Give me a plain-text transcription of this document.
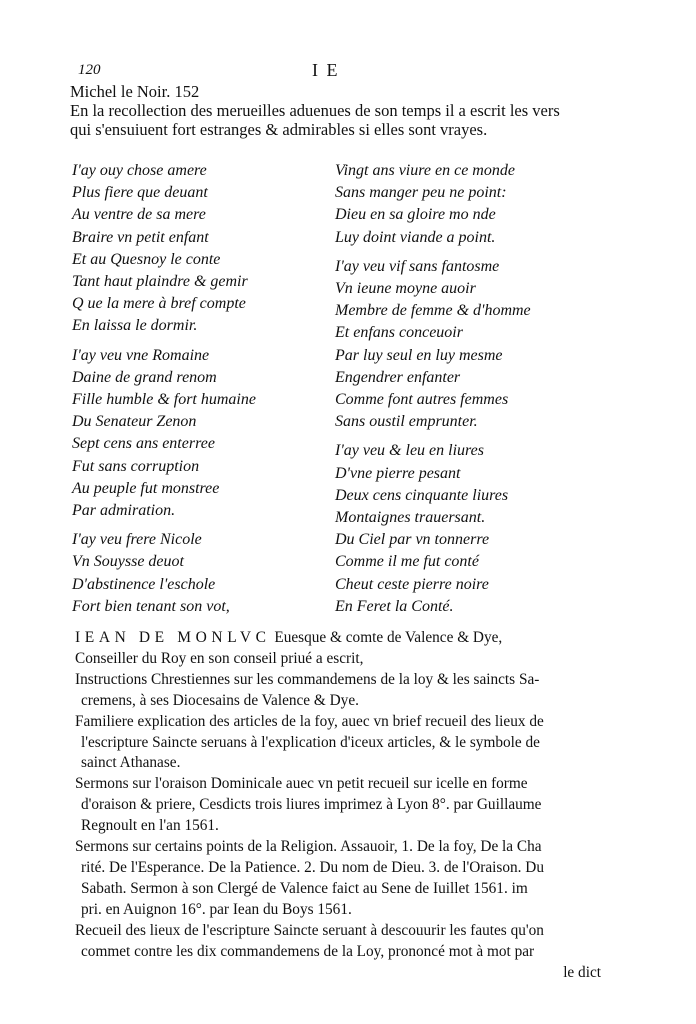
120	I E
Michel le Noir. 152
En la recollection des merueilles aduenues de son temps il a escrit les vers
qui s'ensuiuent fort estranges & admirables si elles sont vrayes.
I'ay ouy chose amere
Plus fiere que deuant
Au ventre de sa mere
Braire vn petit enfant
Et au Quesnoy le conte
Tant haut plaindre & gemir
Q ue la mere à bref compte
En laissa le dormir.
I'ay veu vne Romaine
Daine de grand renom
Fille humble & fort humaine
Du Senateur Zenon
Sept cens ans enterree
Fut sans corruption
Au peuple fut monstree
Par admiration.
I'ay veu frere Nicole
Vn Souysse deuot
D'abstinence l'eschole
Fort bien tenant son vot,
Vingt ans viure en ce monde
Sans manger peu ne point:
Dieu en sa gloire mo nde
Luy doint viande a point.
I'ay veu vif sans fantosme
Vn ieune moyne auoir
Membre de femme & d'homme
Et enfans conceuoir
Par luy seul en luy mesme
Engendrer enfanter
Comme font autres femmes
Sans oustil emprunter.
I'ay veu & leu en liures
D'vne pierre pesant
Deux cens cinquante liures
Montaignes trauersant.
Du Ciel par vn tonnerre
Comme il me fut conté
Cheut ceste pierre noire
En Feret la Conté.
IEAN DE MONLVC Euesque & comte de Valence & Dye,
Conseiller du Roy en son conseil priué a escrit,
Instructions Chrestiennes sur les commandemens de la loy & les saincts Sa-
cremens, à ses Diocesains de Valence & Dye.
Familiere explication des articles de la foy, auec vn brief recueil des lieux de
l'escripture Saincte seruans à l'explication d'iceux articles, & le symbole de
sainct Athanase.
Sermons sur l'oraison Dominicale auec vn petit recueil sur icelle en forme
d'oraison & priere, Cesdicts trois liures imprimez à Lyon 8°. par Guillaume
Regnoult en l'an 1561.
Sermons sur certains points de la Religion. Assauoir, 1. De la foy, De la Cha
rité. De l'Esperance. De la Patience. 2. Du nom de Dieu. 3. de l'Oraison. Du
Sabath. Sermon à son Clergé de Valence faict au Sene de Iuillet 1561. im
pri. en Auignon 16°. par Iean du Boys 1561.
Recueil des lieux de l'escripture Saincte seruant à descouurir les fautes qu'on
commet contre les dix commandemens de la Loy, prononcé mot à mot par
le dict
